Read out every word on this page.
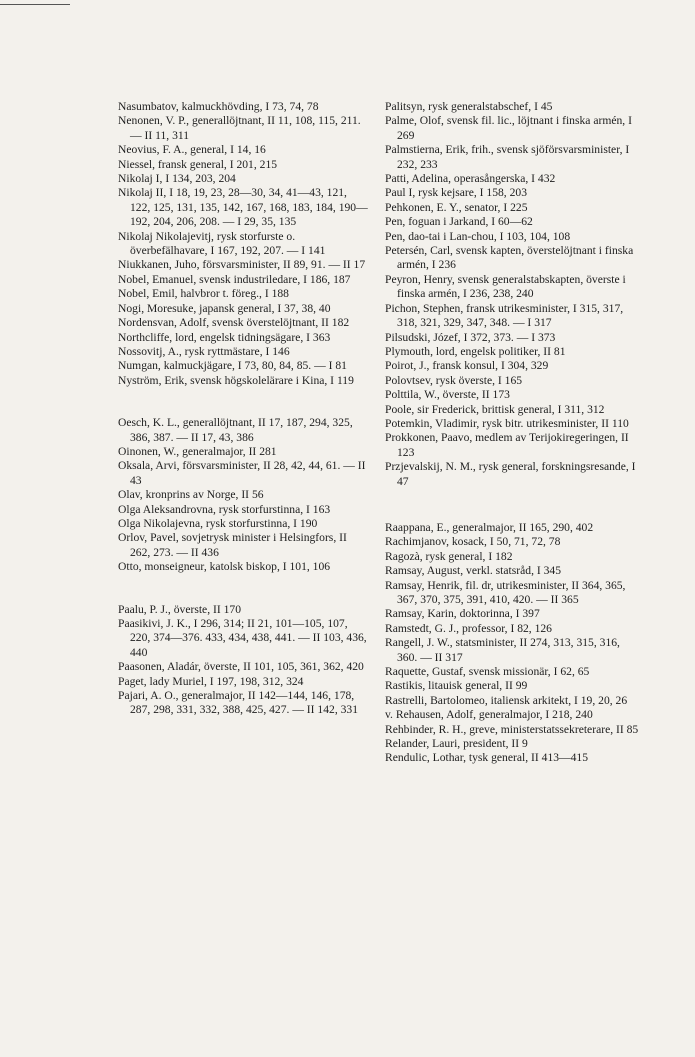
Nasumbatov, kalmuckhövding, I 73, 74, 78
Nenonen, V. P., generallöjtnant, II 11, 108, 115, 211. — II 11, 311
Neovius, F. A., general, I 14, 16
Niessel, fransk general, I 201, 215
Nikolaj I, I 134, 203, 204
Nikolaj II, I 18, 19, 23, 28—30, 34, 41—43, 121, 122, 125, 131, 135, 142, 167, 168, 183, 184, 190—192, 204, 206, 208. — I 29, 35, 135
Nikolaj Nikolajevitj, rysk storfurste o. överbefälhavare, I 167, 192, 207. — I 141
Niukkanen, Juho, försvarsminister, II 89, 91. — II 17
Nobel, Emanuel, svensk industriledare, I 186, 187
Nobel, Emil, halvbror t. föreg., I 188
Nogi, Moresuke, japansk general, I 37, 38, 40
Nordensvan, Adolf, svensk överstelöjtnant, II 182
Northcliffe, lord, engelsk tidningsägare, I 363
Nossovitj, A., rysk ryttmästare, I 146
Numgan, kalmuckjägare, I 73, 80, 84, 85. — I 81
Nyström, Erik, svensk högskolelärare i Kina, I 119
Oesch, K. L., generallöjtnant, II 17, 187, 294, 325, 386, 387. — II 17, 43, 386
Oinonen, W., generalmajor, II 281
Oksala, Arvi, försvarsminister, II 28, 42, 44, 61. — II 43
Olav, kronprins av Norge, II 56
Olga Aleksandrovna, rysk storfurstinna, I 163
Olga Nikolajevna, rysk storfurstinna, I 190
Orlov, Pavel, sovjetrysk minister i Helsingfors, II 262, 273. — II 436
Otto, monseigneur, katolsk biskop, I 101, 106
Paalu, P. J., överste, II 170
Paasikivi, J. K., I 296, 314; II 21, 101—105, 107, 220, 374—376. 433, 434, 438, 441. — II 103, 436, 440
Paasonen, Aladár, överste, II 101, 105, 361, 362, 420
Paget, lady Muriel, I 197, 198, 312, 324
Pajari, A. O., generalmajor, II 142—144, 146, 178, 287, 298, 331, 332, 388, 425, 427. — II 142, 331
Palitsyn, rysk generalstabschef, I 45
Palme, Olof, svensk fil. lic., löjtnant i finska armén, I 269
Palmstierna, Erik, frih., svensk sjöförsvarsminister, I 232, 233
Patti, Adelina, operasångerska, I 432
Paul I, rysk kejsare, I 158, 203
Pehkonen, E. Y., senator, I 225
Pen, foguan i Jarkand, I 60—62
Pen, dao-tai i Lan-chou, I 103, 104, 108
Petersén, Carl, svensk kapten, överstelöjtnant i finska armén, I 236
Peyron, Henry, svensk generalstabskapten, överste i finska armén, I 236, 238, 240
Pichon, Stephen, fransk utrikesminister, I 315, 317, 318, 321, 329, 347, 348. — I 317
Pilsudski, Józef, I 372, 373. — I 373
Plymouth, lord, engelsk politiker, II 81
Poirot, J., fransk konsul, I 304, 329
Polovtsev, rysk överste, I 165
Polttila, W., överste, II 173
Poole, sir Frederick, brittisk general, I 311, 312
Potemkin, Vladimir, rysk bitr. utrikesminister, II 110
Prokkonen, Paavo, medlem av Terijokiregeringen, II 123
Przjevalskij, N. M., rysk general, forskningsresande, I 47
Raappana, E., generalmajor, II 165, 290, 402
Rachimjanov, kosack, I 50, 71, 72, 78
Ragozà, rysk general, I 182
Ramsay, August, verkl. statsråd, I 345
Ramsay, Henrik, fil. dr, utrikesminister, II 364, 365, 367, 370, 375, 391, 410, 420. — II 365
Ramsay, Karin, doktorinna, I 397
Ramstedt, G. J., professor, I 82, 126
Rangell, J. W., statsminister, II 274, 313, 315, 316, 360. — II 317
Raquette, Gustaf, svensk missionär, I 62, 65
Rastikis, litauisk general, II 99
Rastrelli, Bartolomeo, italiensk arkitekt, I 19, 20, 26
v. Rehausen, Adolf, generalmajor, I 218, 240
Rehbinder, R. H., greve, ministerstatssekreterare, II 85
Relander, Lauri, president, II 9
Rendulic, Lothar, tysk general, II 413—415
